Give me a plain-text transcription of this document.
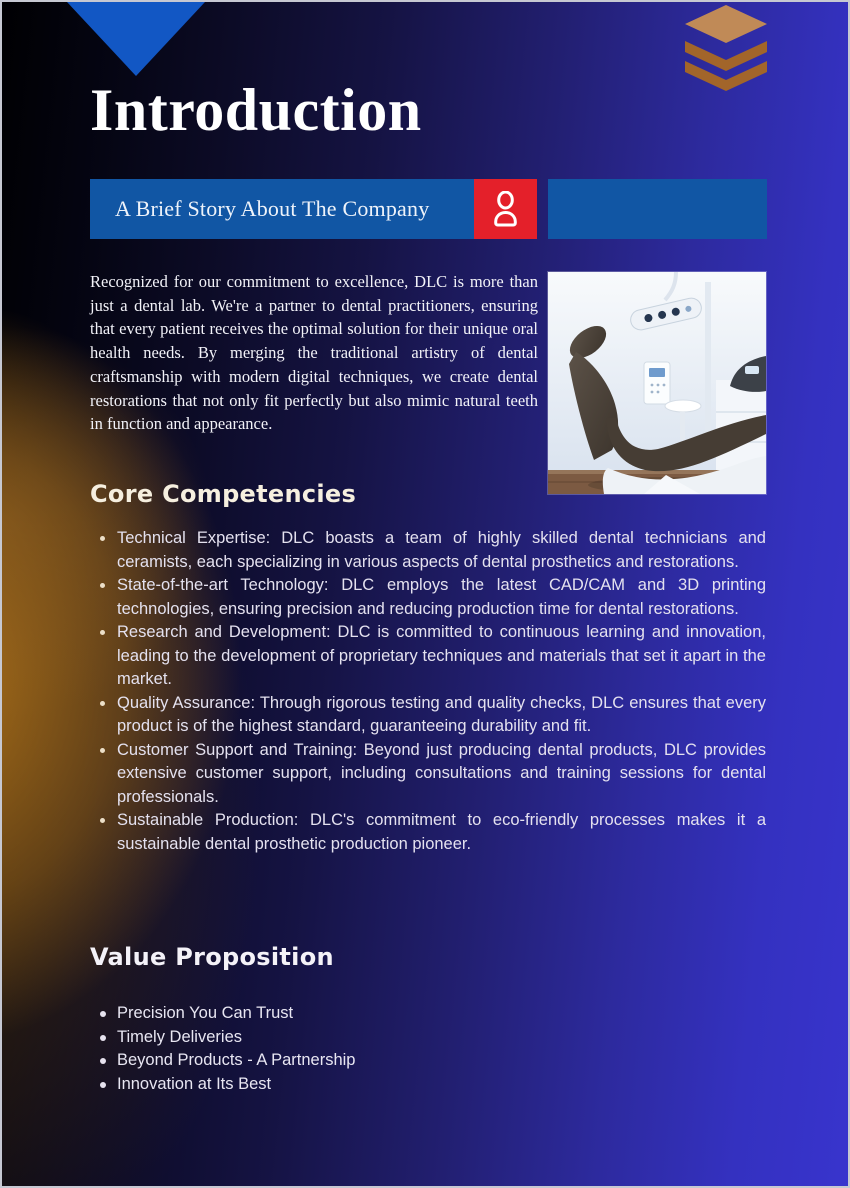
Introduction
A Brief Story About The Company

Recognized for our commitment to excellence, DLC is more than just a dental lab. We're a partner to dental practitioners, ensuring that every patient receives the optimal solution for their unique oral health needs. By merging the traditional artistry of dental craftsmanship with modern digital techniques, we create dental restorations that not only fit perfectly but also mimic natural teeth in function and appearance.

Core Competencies
Technical Expertise: DLC boasts a team of highly skilled dental technicians and ceramists, each specializing in various aspects of dental prosthetics and restorations.
State-of-the-art Technology: DLC employs the latest CAD/CAM and 3D printing technologies, ensuring precision and reducing production time for dental restorations.
Research and Development: DLC is committed to continuous learning and innovation, leading to the development of proprietary techniques and materials that set it apart in the market.
Quality Assurance: Through rigorous testing and quality checks, DLC ensures that every product is of the highest standard, guaranteeing durability and fit.
Customer Support and Training: Beyond just producing dental products, DLC provides extensive customer support, including consultations and training sessions for dental professionals.
Sustainable Production: DLC's commitment to eco-friendly processes makes it a sustainable dental prosthetic production pioneer.
Value Proposition
Precision You Can Trust
Timely Deliveries
Beyond Products - A Partnership
Innovation at Its Best
